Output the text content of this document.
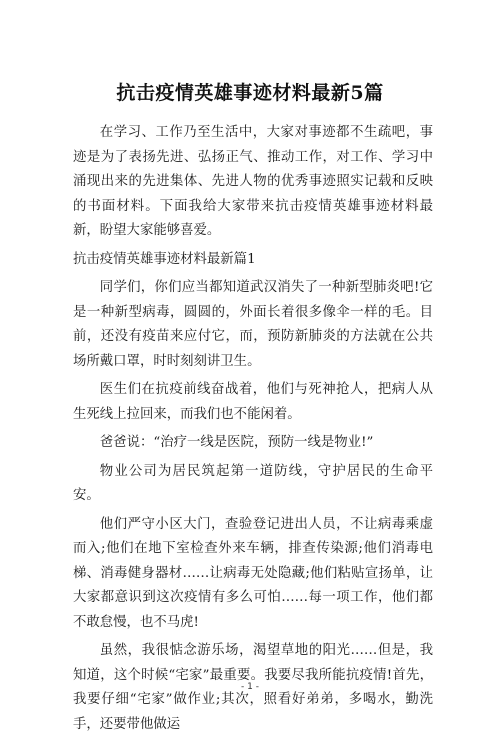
抗击疫情英雄事迹材料最新5篇

在学习、工作乃至生活中，大家对事迹都不生疏吧，事迹是为了表扬先进、弘扬正气、推动工作，对工作、学习中涌现出来的先进集体、先进人物的优秀事迹照实记载和反映的书面材料。下面我给大家带来抗击疫情英雄事迹材料最新，盼望大家能够喜爱。

抗击疫情英雄事迹材料最新篇1

同学们，你们应当都知道武汉消失了一种新型肺炎吧!它是一种新型病毒，圆圆的，外面长着很多像伞一样的毛。目前，还没有疫苗来应付它，而，预防新肺炎的方法就在公共场所戴口罩，时时刻刻讲卫生。

医生们在抗疫前线奋战着，他们与死神抢人，把病人从生死线上拉回来，而我们也不能闲着。

爸爸说：“治疗一线是医院，预防一线是物业!”

物业公司为居民筑起第一道防线，守护居民的生命平安。

他们严守小区大门，查验登记进出人员，不让病毒乘虚而入;他们在地下室检查外来车辆，排查传染源;他们消毒电梯、消毒健身器材……让病毒无处隐藏;他们粘贴宣扬单，让大家都意识到这次疫情有多么可怕……每一项工作，他们都不敢怠慢，也不马虎!

虽然，我很惦念游乐场，渴望草地的阳光……但是，我知道，这个时候“宅家”最重要。我要尽我所能抗疫情!首先，我要仔细“宅家”做作业;其次，照看好弟弟，多喝水，勤洗手，还要带他做运

- 1 -
